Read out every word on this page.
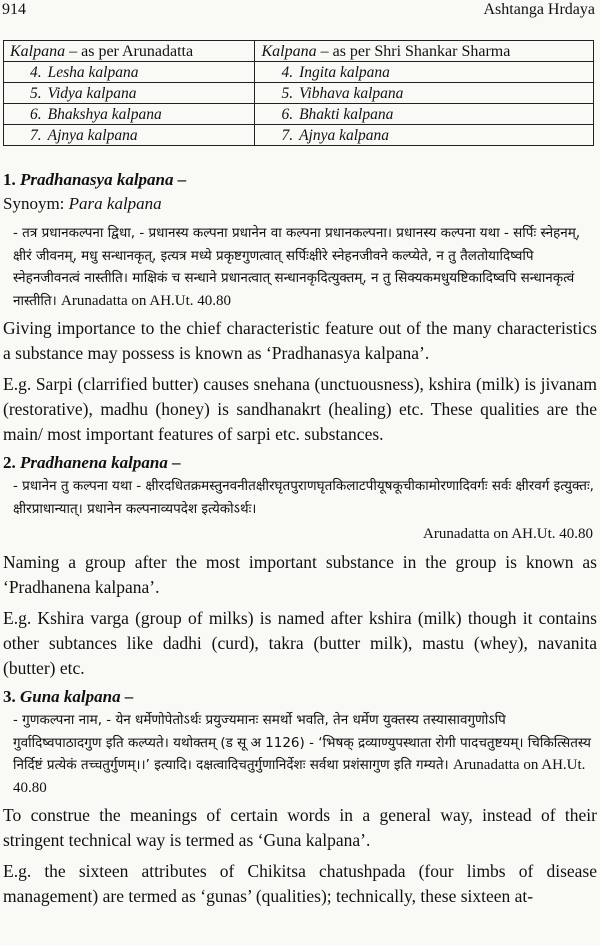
914	Ashtanga Hrdaya
Kalpana – as per Arunadatta	Kalpana – as per Shri Shankar Sharma
4. Lesha kalpana	4. Ingita kalpana
5. Vidya kalpana	5. Vibhava kalpana
6. Bhakshya kalpana	6. Bhakti kalpana
7. Ajnya kalpana	7. Ajnya kalpana
1. Pradhanasya kalpana –

Synoym: Para kalpana

- तत्र प्रधानकल्पना द्विधा, - प्रधानस्य कल्पना प्रधानेन वा कल्पना प्रधानकल्पना। प्रधानस्य कल्पना यथा - सर्पिः स्नेहनम्, क्षीरं जीवनम्, मधु सन्धानकृत्, इत्यत्र मध्ये प्रकृष्टगुणत्वात् सर्पिःक्षीरे स्नेहनजीवने कल्प्येते, न तु तैलतोयादिष्वपि स्नेहनजीवनत्वं नास्तीति। माक्षिकं च सन्धाने प्रधानत्वात् सन्धानकृदित्युक्तम्, न तु सिक्यकमधुयष्टिकादिष्वपि सन्धानकृत्वं नास्तीति। Arunadatta on AH.Ut. 40.80

Giving importance to the chief characteristic feature out of the many characteristics a substance may possess is known as ‘Pradhanasya kalpana’.

E.g. Sarpi (clarrified butter) causes snehana (unctuousness), kshira (milk) is jivanam (restorative), madhu (honey) is sandhanakrt (healing) etc. These qualities are the main/ most important features of sarpi etc. substances.

2. Pradhanena kalpana –

- प्रधानेन तु कल्पना यथा - क्षीरदधितक्रमस्तुनवनीतक्षीरघृतपुराणघृतकिलाटपीयूषकूचीकामोरणादिवर्गः सर्वः क्षीरवर्ग इत्युक्तः, क्षीरप्राधान्यात्। प्रधानेन कल्पनाव्यपदेश इत्येकोऽर्थः।

Arunadatta on AH.Ut. 40.80

Naming a group after the most important substance in the group is known as ‘Pradhanena kalpana’.

E.g. Kshira varga (group of milks) is named after kshira (milk) though it contains other subtances like dadhi (curd), takra (butter milk), mastu (whey), navanita (butter) etc.

3. Guna kalpana –

- गुणकल्पना नाम, - येन धर्मेणोपेतोऽर्थः प्रयुज्यमानः समर्थो भवति, तेन धर्मेण युक्तस्य तस्यासावगुणोऽपि गुर्वादिष्वपाठादगुण इति कल्प्यते। यथोक्तम् (ड सू अ 1126) - ‘भिषक् द्रव्याण्युपस्थाता रोगी पादचतुष्टयम्। चिकित्सितस्य निर्दिष्टं प्रत्येकं तच्चतुर्गुणम्।।’ इत्यादि। दक्षत्वादिचतुर्गुणानिर्देशः सर्वथा प्रशंसागुण इति गम्यते। Arunadatta on AH.Ut. 40.80

To construe the meanings of certain words in a general way, instead of their stringent technical way is termed as ‘Guna kalpana’.

E.g. the sixteen attributes of Chikitsa chatushpada (four limbs of disease management) are termed as ‘gunas’ (qualities); technically, these sixteen at-
